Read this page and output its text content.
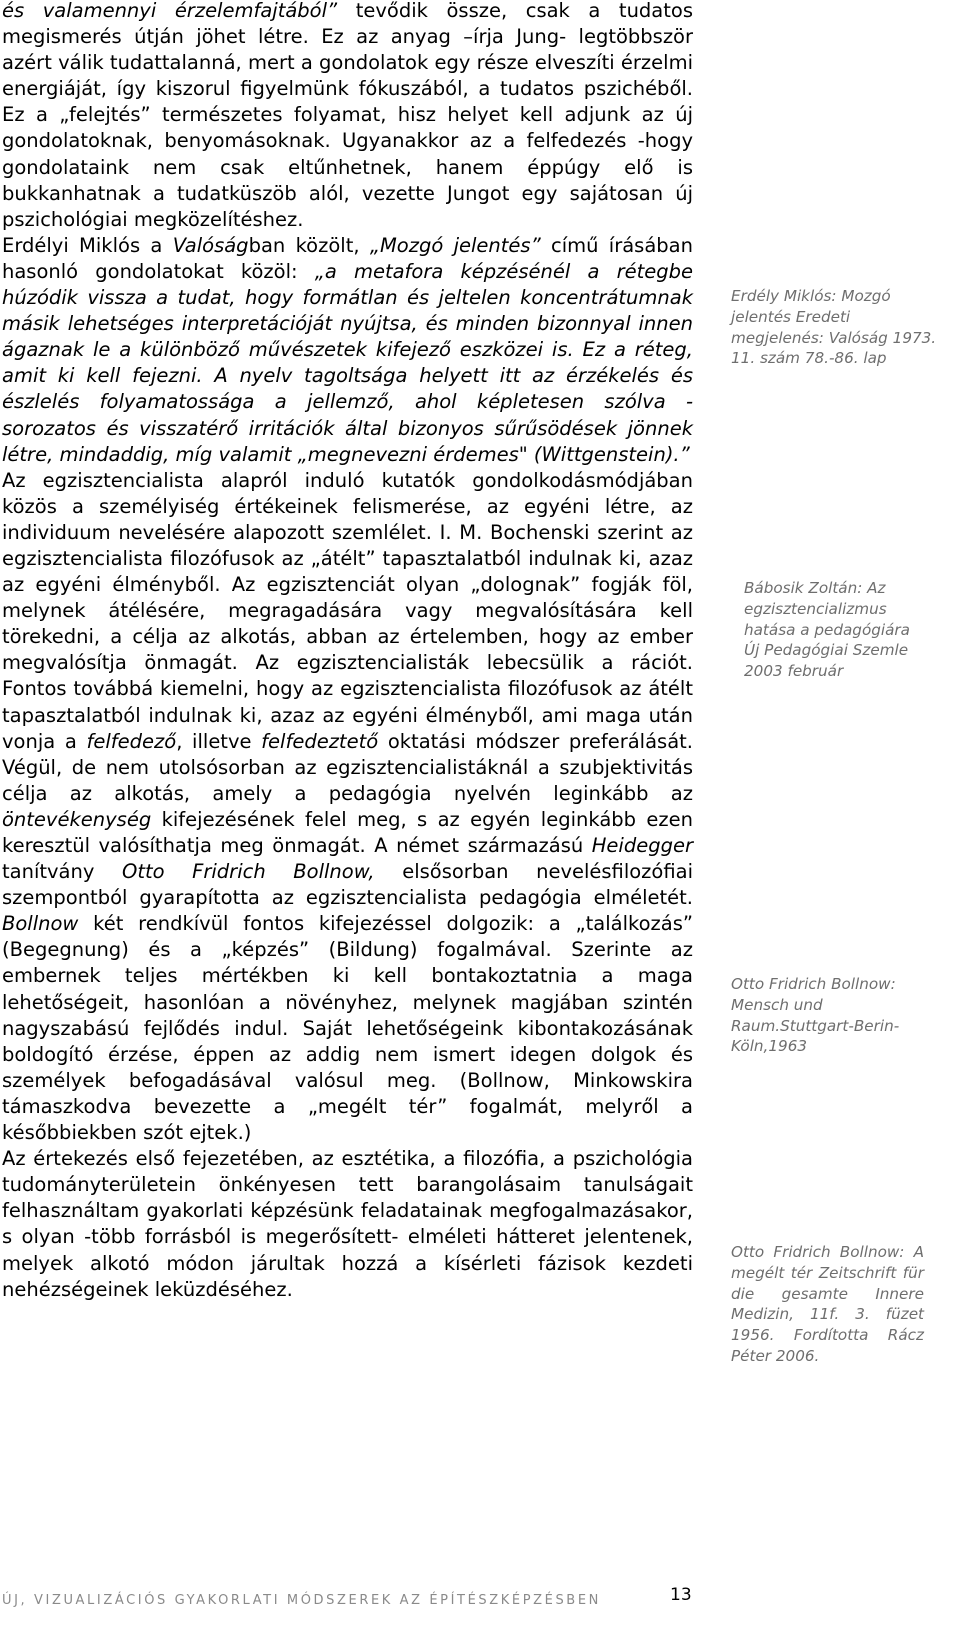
és valamennyi érzelemfajtából” tevődik össze, csak a tudatos megismerés útján jöhet létre. Ez az anyag –írja Jung- legtöbbször azért válik tudattalanná, mert a gondolatok egy része elveszíti érzelmi energiáját, így kiszorul figyelmünk fókuszából, a tudatos pszichéből. Ez a „felejtés” természetes folyamat, hisz helyet kell adjunk az új gondolatoknak, benyomásoknak. Ugyanakkor az a felfedezés -hogy gondolataink nem csak eltűnhetnek, hanem éppúgy elő is bukkanhatnak a tudatküszöb alól, vezette Jungot egy sajátosan új pszichológiai megközelítéshez.

Erdélyi Miklós a Valóságban közölt, „Mozgó jelentés” című írásában hasonló gondolatokat közöl: „a metafora képzésénél a rétegbe húzódik vissza a tudat, hogy formátlan és jeltelen koncentrátumnak másik lehetséges interpretációját nyújtsa, és minden bizonnyal innen ágaznak le a különböző művészetek kifejező eszközei is. Ez a réteg, amit ki kell fejezni. A nyelv tagoltsága helyett itt az érzékelés és észlelés folyamatossága a jellemző, ahol képletesen szólva - sorozatos és visszatérő irritációk által bizonyos sűrűsödések jönnek létre, mindaddig, míg valamit „megnevezni érdemes" (Wittgenstein).”

Az egzisztencialista alapról induló kutatók gondolkodásmódjában közös a személyiség értékeinek felismerése, az egyéni létre, az individuum nevelésére alapozott szemlélet. I. M. Bochenski szerint az egzisztencialista filozófusok az „átélt” tapasztalatból indulnak ki, azaz az egyéni élményből. Az egzisztenciát olyan „dolognak” fogják föl, melynek átélésére, megragadására vagy megvalósítására kell törekedni, a célja az alkotás, abban az értelemben, hogy az ember megvalósítja önmagát. Az egzisztencialisták lebecsülik a rációt. Fontos továbbá kiemelni, hogy az egzisztencialista filozófusok az átélt tapasztalatból indulnak ki, azaz az egyéni élményből, ami maga után vonja a felfedező, illetve felfedeztető oktatási módszer preferálását. Végül, de nem utolsósorban az egzisztencialistáknál a szubjektivitás célja az alkotás, amely a pedagógia nyelvén leginkább az öntevékenység kifejezésének felel meg, s az egyén leginkább ezen keresztül valósíthatja meg önmagát. A német származású Heidegger tanítvány Otto Fridrich Bollnow, elsősorban nevelésfilozófiai szempontból gyarapította az egzisztencialista pedagógia elméletét. Bollnow két rendkívül fontos kifejezéssel dolgozik: a „találkozás” (Begegnung) és a „képzés” (Bildung) fogalmával. Szerinte az embernek teljes mértékben ki kell bontakoztatnia a maga lehetőségeit, hasonlóan a növényhez, melynek magjában szintén nagyszabású fejlődés indul. Saját lehetőségeink kibontakozásának boldogító érzése, éppen az addig nem ismert idegen dolgok és személyek befogadásával valósul meg. (Bollnow, Minkowskira támaszkodva bevezette a „megélt tér” fogalmát, melyről a későbbiekben szót ejtek.)

Az értekezés első fejezetében, az esztétika, a filozófia, a pszichológia tudományterületein önkényesen tett barangolásaim tanulságait felhasználtam gyakorlati képzésünk feladatainak megfogalmazásakor, s olyan -több forrásból is megerősített- elméleti hátteret jelentenek, melyek alkotó módon járultak hozzá a kísérleti fázisok kezdeti nehézségeinek leküzdéséhez.

Erdély Miklós: Mozgó jelentés Eredeti megjelenés: Valóság 1973. 11. szám 78.-86. lap
Bábosik Zoltán: Az egzisztencializmus hatása a pedagógiára Új Pedagógiai Szemle 2003 február
Otto Fridrich Bollnow: Mensch und Raum.Stuttgart-Berin-Köln,1963
Otto Fridrich Bollnow: A megélt tér Zeitschrift für die gesamte Innere Medizin, 11f. 3. füzet 1956. Fordította Rácz Péter 2006.
ÚJ, VIZUALIZÁCIÓS GYAKORLATI MÓDSZEREK AZ ÉPÍTÉSZKÉPZÉSBEN	13
